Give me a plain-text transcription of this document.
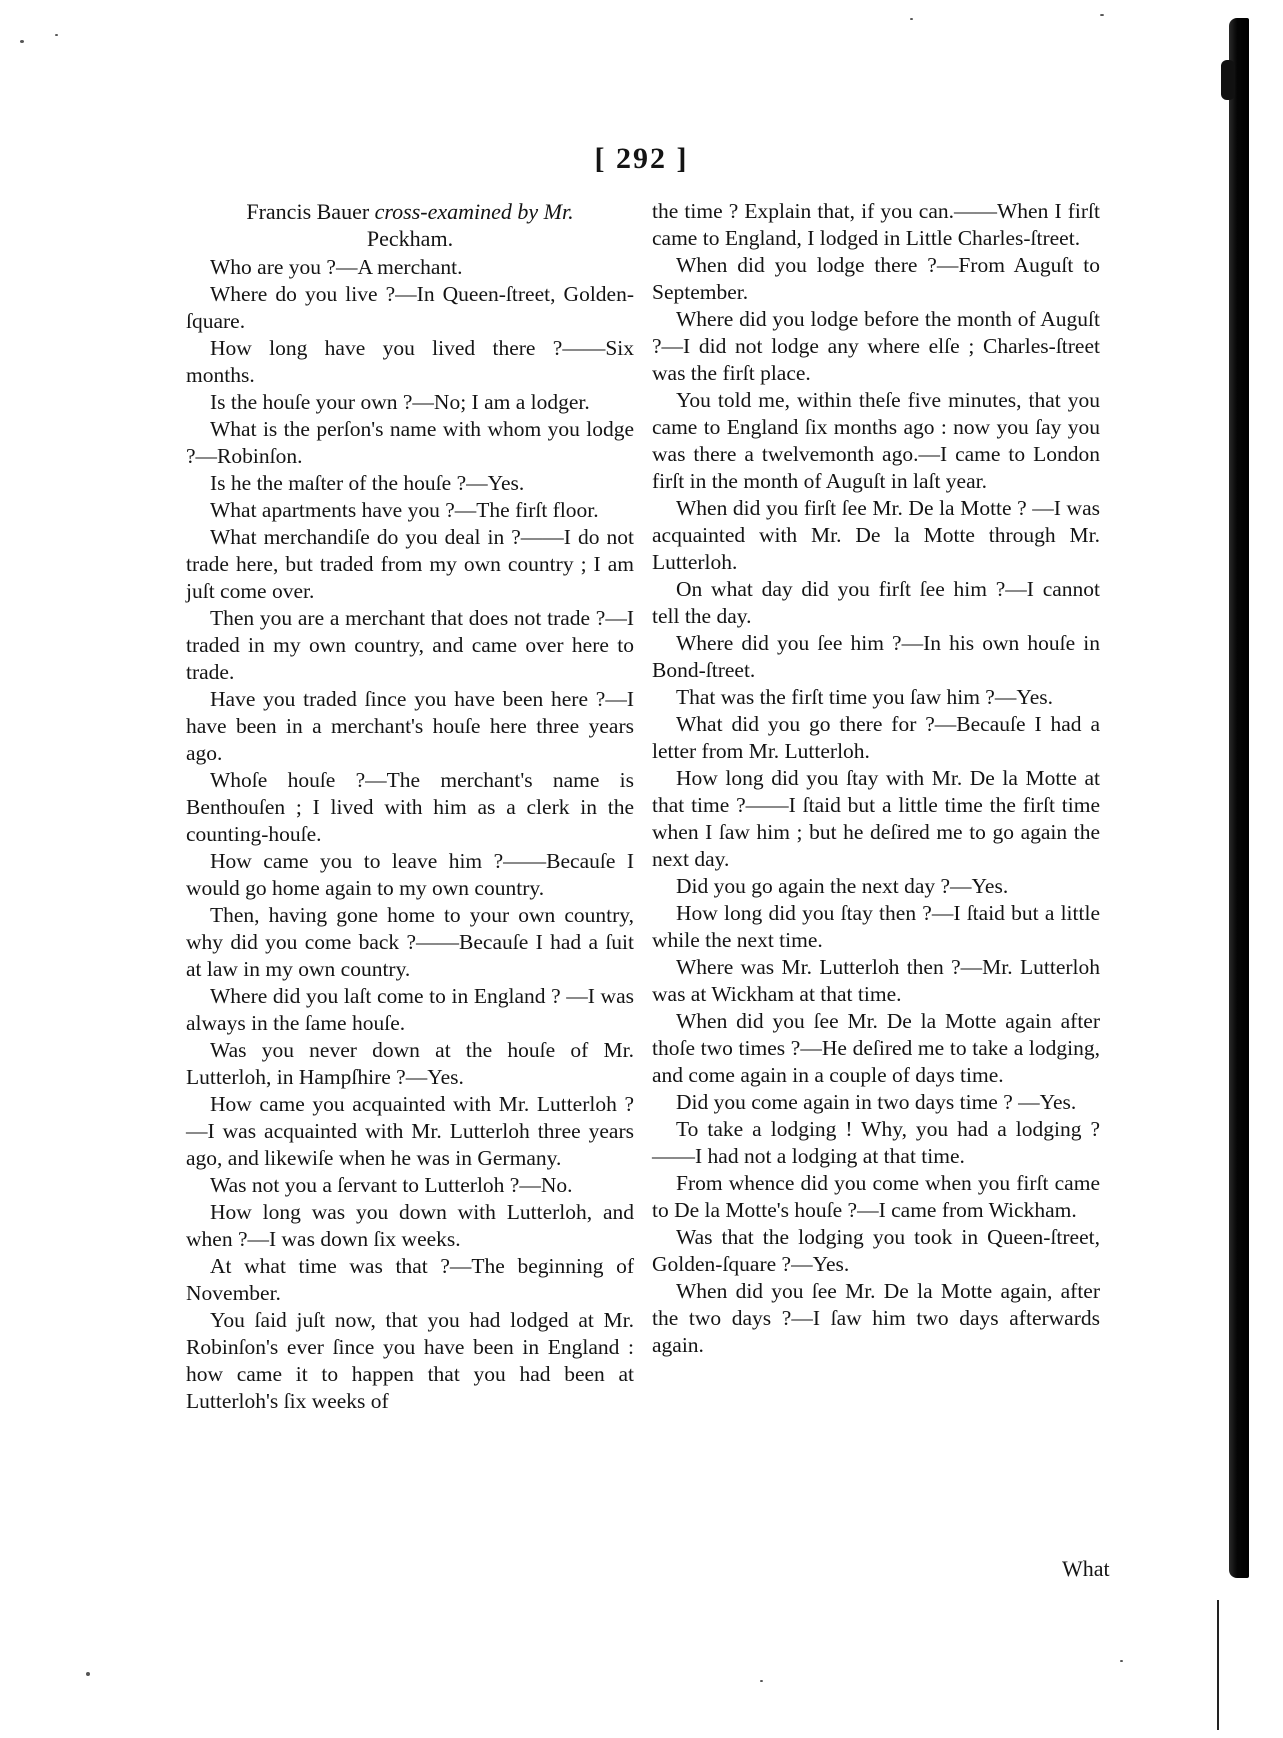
[ 292 ]

Francis Bauer cross-examined by Mr.
Peckham.

Who are you ?—A merchant.

Where do you live ?—In Queen-ſtreet, Golden-ſquare.

How long have you lived there ?——Six months.

Is the houſe your own ?—No; I am a lodger.

What is the perſon's name with whom you lodge ?—Robinſon.

Is he the maſter of the houſe ?—Yes.

What apartments have you ?—The firſt floor.

What merchandiſe do you deal in ?——I do not trade here, but traded from my own country ; I am juſt come over.

Then you are a merchant that does not trade ?—I traded in my own country, and came over here to trade.

Have you traded ſince you have been here ?—I have been in a merchant's houſe here three years ago.

Whoſe houſe ?—The merchant's name is Benthouſen ; I lived with him as a clerk in the counting-houſe.

How came you to leave him ?——Becauſe I would go home again to my own country.

Then, having gone home to your own country, why did you come back ?——Becauſe I had a ſuit at law in my own country.

Where did you laſt come to in England ? —I was always in the ſame houſe.

Was you never down at the houſe of Mr. Lutterloh, in Hampſhire ?—Yes.

How came you acquainted with Mr. Lutterloh ?—I was acquainted with Mr. Lutterloh three years ago, and likewiſe when he was in Germany.

Was not you a ſervant to Lutterloh ?—No.

How long was you down with Lutterloh, and when ?—I was down ſix weeks.

At what time was that ?—The beginning of November.

You ſaid juſt now, that you had lodged at Mr. Robinſon's ever ſince you have been in England : how came it to happen that you had been at Lutterloh's ſix weeks of

the time ? Explain that, if you can.——When I firſt came to England, I lodged in Little Charles-ſtreet.

When did you lodge there ?—From Auguſt to September.

Where did you lodge before the month of Auguſt ?—I did not lodge any where elſe ; Charles-ſtreet was the firſt place.

You told me, within theſe five minutes, that you came to England ſix months ago : now you ſay you was there a twelvemonth ago.—I came to London firſt in the month of Auguſt in laſt year.

When did you firſt ſee Mr. De la Motte ? —I was acquainted with Mr. De la Motte through Mr. Lutterloh.

On what day did you firſt ſee him ?—I cannot tell the day.

Where did you ſee him ?—In his own houſe in Bond-ſtreet.

That was the firſt time you ſaw him ?—Yes.

What did you go there for ?—Becauſe I had a letter from Mr. Lutterloh.

How long did you ſtay with Mr. De la Motte at that time ?——I ſtaid but a little time the firſt time when I ſaw him ; but he deſired me to go again the next day.

Did you go again the next day ?—Yes.

How long did you ſtay then ?—I ſtaid but a little while the next time.

Where was Mr. Lutterloh then ?—Mr. Lutterloh was at Wickham at that time.

When did you ſee Mr. De la Motte again after thoſe two times ?—He deſired me to take a lodging, and come again in a couple of days time.

Did you come again in two days time ? —Yes.

To take a lodging ! Why, you had a lodging ?——I had not a lodging at that time.

From whence did you come when you firſt came to De la Motte's houſe ?—I came from Wickham.

Was that the lodging you took in Queen-ſtreet, Golden-ſquare ?—Yes.

When did you ſee Mr. De la Motte again, after the two days ?—I ſaw him two days afterwards again.

What
